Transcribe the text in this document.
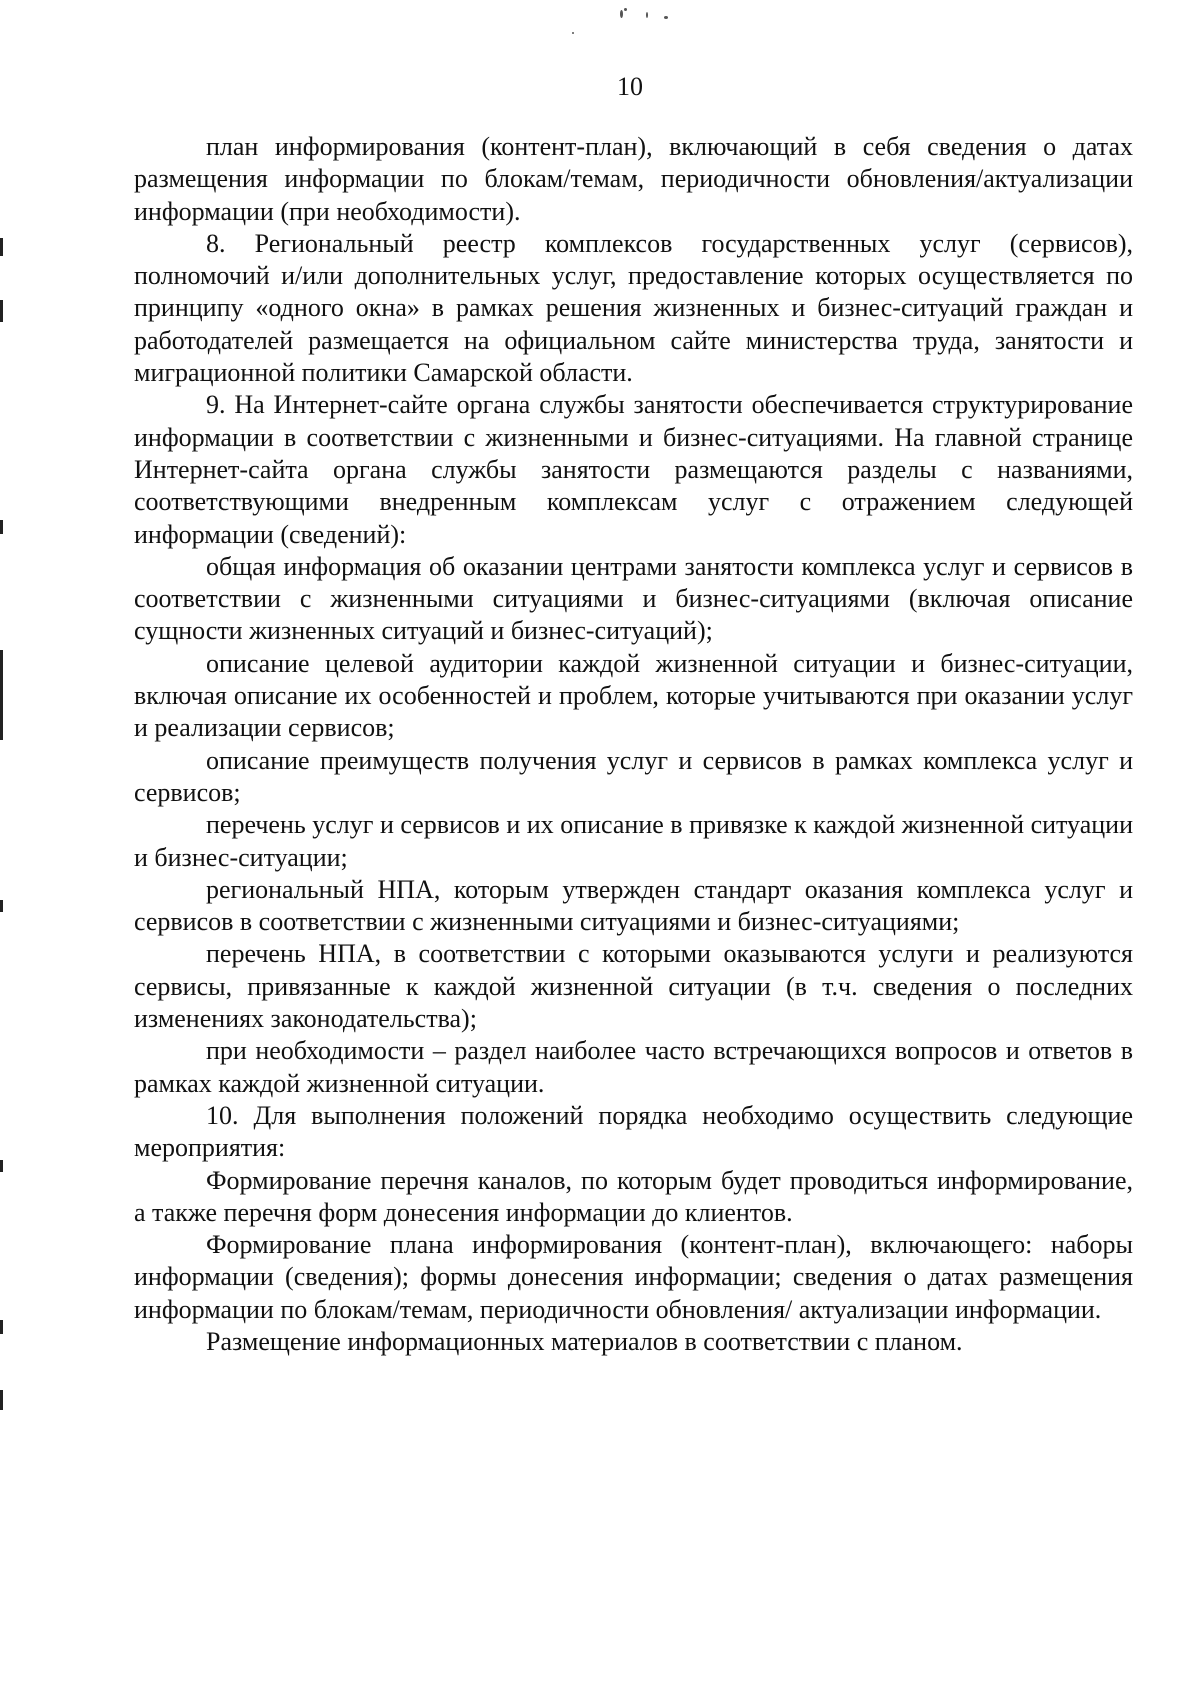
10

план информирования (контент-план), включающий в себя сведения о датах размещения информации по блокам/темам, периодичности обновления/актуализации информации (при необходимости).

8. Региональный реестр комплексов государственных услуг (сервисов), полномочий и/или дополнительных услуг, предоставление которых осуществляется по принципу «одного окна» в рамках решения жизненных и бизнес-ситуаций граждан и работодателей размещается на официальном сайте министерства труда, занятости и миграционной политики Самарской области.

9. На Интернет-сайте органа службы занятости обеспечивается структурирование информации в соответствии с жизненными и бизнес-ситуациями. На главной странице Интернет-сайта органа службы занятости размещаются разделы с названиями, соответствующими внедренным комплексам услуг с отражением следующей информации (сведений):

общая информация об оказании центрами занятости комплекса услуг и сервисов в соответствии с жизненными ситуациями и бизнес-ситуациями (включая описание сущности жизненных ситуаций и бизнес-ситуаций);

описание целевой аудитории каждой жизненной ситуации и бизнес-ситуации, включая описание их особенностей и проблем, которые учитываются при оказании услуг и реализации сервисов;

описание преимуществ получения услуг и сервисов в рамках комплекса услуг и сервисов;

перечень услуг и сервисов и их описание в привязке к каждой жизненной ситуации и бизнес-ситуации;

региональный НПА, которым утвержден стандарт оказания комплекса услуг и сервисов в соответствии с жизненными ситуациями и бизнес-ситуациями;

перечень НПА, в соответствии с которыми оказываются услуги и реализуются сервисы, привязанные к каждой жизненной ситуации (в т.ч. сведения о последних изменениях законодательства);

при необходимости – раздел наиболее часто встречающихся вопросов и ответов в рамках каждой жизненной ситуации.

10. Для выполнения положений порядка необходимо осуществить следующие мероприятия:

Формирование перечня каналов, по которым будет проводиться информирование, а также перечня форм донесения информации до клиентов.

Формирование плана информирования (контент-план), включающего: наборы информации (сведения); формы донесения информации; сведения о датах размещения информации по блокам/темам, периодичности обновления/ актуализации информации.

Размещение информационных материалов в соответствии с планом.
